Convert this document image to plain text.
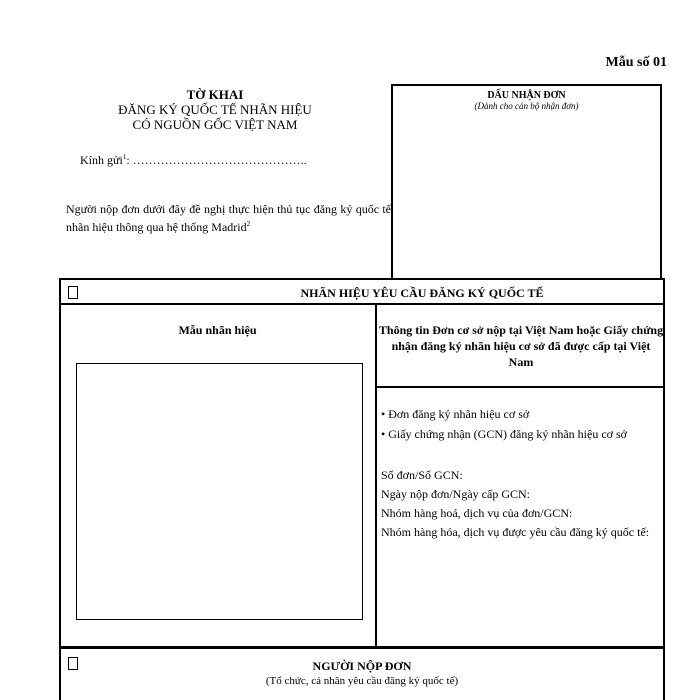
Mẫu số 01
TỜ KHAI
ĐĂNG KÝ QUỐC TẾ NHÃN HIỆU
CÓ NGUỒN GỐC VIỆT NAM
Kính gửi$^1$: ……………………………………..
Người nộp đơn dưới đây đề nghị thực hiện thủ tục đăng ký quốc tế nhãn hiệu thông qua hệ thống Madrid$^2$
DẤU NHẬN ĐƠN
(Dành cho cán bộ nhận đơn)
NHÃN HIỆU YÊU CẦU ĐĂNG KÝ QUỐC TẾ
Mẫu nhãn hiệu	Thông tin Đơn cơ sở nộp tại Việt Nam hoặc Giấy chứng nhận đăng ký nhãn hiệu cơ sở đã được cấp tại Việt Nam
• Đơn đăng ký nhãn hiệu cơ sở
• Giấy chứng nhận (GCN) đăng ký nhãn hiệu cơ sở
Số đơn/Số GCN:
Ngày nộp đơn/Ngày cấp GCN:
Nhóm hàng hoá, dịch vụ của đơn/GCN:
Nhóm hàng hóa, dịch vụ được yêu cầu đăng ký quốc tế:
NGƯỜI NỘP ĐƠN
(Tổ chức, cá nhân yêu cầu đăng ký quốc tế)
